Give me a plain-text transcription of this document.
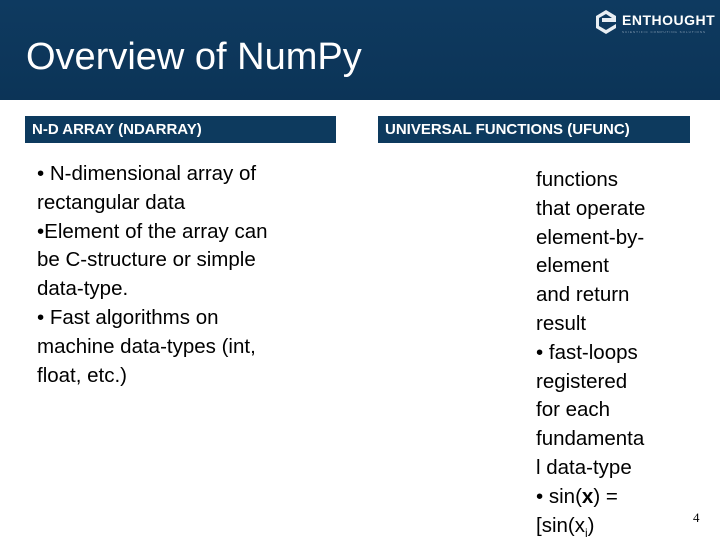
Overview of NumPy
ENTHOUGHT
SCIENTIFIC COMPUTING SOLUTIONS
N-D ARRAY (NDARRAY)	UNIVERSAL FUNCTIONS (UFUNC)
• N-dimensional array of
rectangular data
•Element of the array can
be C-structure or simple
data-type.
• Fast algorithms on
machine data-types (int,
float, etc.)
functions
that operate
element-by-
element
and return
result
• fast-loops
registered
for each
fundamenta
l data-type
• sin(x) =
[$\sin(x_i)$	4
